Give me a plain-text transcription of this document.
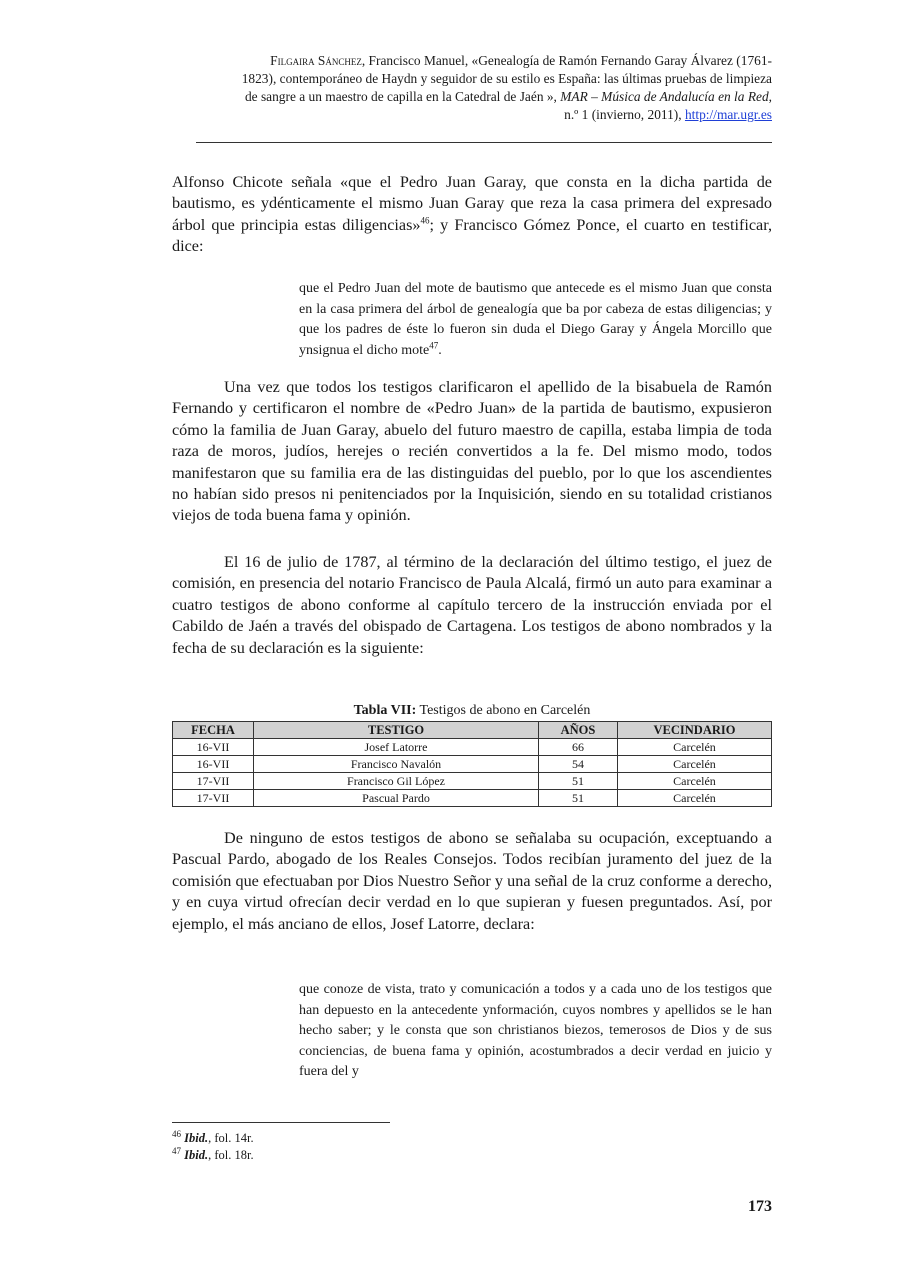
Filgaira Sánchez, Francisco Manuel, «Genealogía de Ramón Fernando Garay Álvarez (1761-
1823), contemporáneo de Haydn y seguidor de su estilo es España: las últimas pruebas de limpieza
de sangre a un maestro de capilla en la Catedral de Jaén », MAR – Música de Andalucía en la Red,
n.º 1 (invierno, 2011), http://mar.ugr.es
Alfonso Chicote señala «que el Pedro Juan Garay, que consta en la dicha partida de bautismo, es ydénticamente el mismo Juan Garay que reza la casa primera del expresado árbol que principia estas diligencias»$^{46}$; y Francisco Gómez Ponce, el cuarto en testificar, dice:
que el Pedro Juan del mote de bautismo que antecede es el mismo Juan que consta en la casa primera del árbol de genealogía que ba por cabeza de estas diligencias; y que los padres de éste lo fueron sin duda el Diego Garay y Ángela Morcillo que ynsignua el dicho mote$^{47}$.
Una vez que todos los testigos clarificaron el apellido de la bisabuela de Ramón Fernando y certificaron el nombre de «Pedro Juan» de la partida de bautismo, expusieron cómo la familia de Juan Garay, abuelo del futuro maestro de capilla, estaba limpia de toda raza de moros, judíos, herejes o recién convertidos a la fe. Del mismo modo, todos manifestaron que su familia era de las distinguidas del pueblo, por lo que los ascendientes no habían sido presos ni penitenciados por la Inquisición, siendo en su totalidad cristianos viejos de toda buena fama y opinión.
El 16 de julio de 1787, al término de la declaración del último testigo, el juez de comisión, en presencia del notario Francisco de Paula Alcalá, firmó un auto para examinar a cuatro testigos de abono conforme al capítulo tercero de la instrucción enviada por el Cabildo de Jaén a través del obispado de Cartagena. Los testigos de abono nombrados y la fecha de su declaración es la siguiente:
Tabla VII: Testigos de abono en Carcelén
FECHA	TESTIGO	AÑOS	VECINDARIO
16-VII	Josef Latorre	66	Carcelén
16-VII	Francisco Navalón	54	Carcelén
17-VII	Francisco Gil López	51	Carcelén
17-VII	Pascual Pardo	51	Carcelén
De ninguno de estos testigos de abono se señalaba su ocupación, exceptuando a Pascual Pardo, abogado de los Reales Consejos. Todos recibían juramento del juez de la comisión que efectuaban por Dios Nuestro Señor y una señal de la cruz conforme a derecho, y en cuya virtud ofrecían decir verdad en lo que supieran y fuesen preguntados. Así, por ejemplo, el más anciano de ellos, Josef Latorre, declara:
que conoze de vista, trato y comunicación a todos y a cada uno de los testigos que han depuesto en la antecedente ynformación, cuyos nombres y apellidos se le han hecho saber; y le consta que son christianos biezos, temerosos de Dios y de sus conciencias, de buena fama y opinión, acostumbrados a decir verdad en juicio y fuera del y
$^{46}$ Ibid., fol. 14r.
$^{47}$ Ibid., fol. 18r.
173
